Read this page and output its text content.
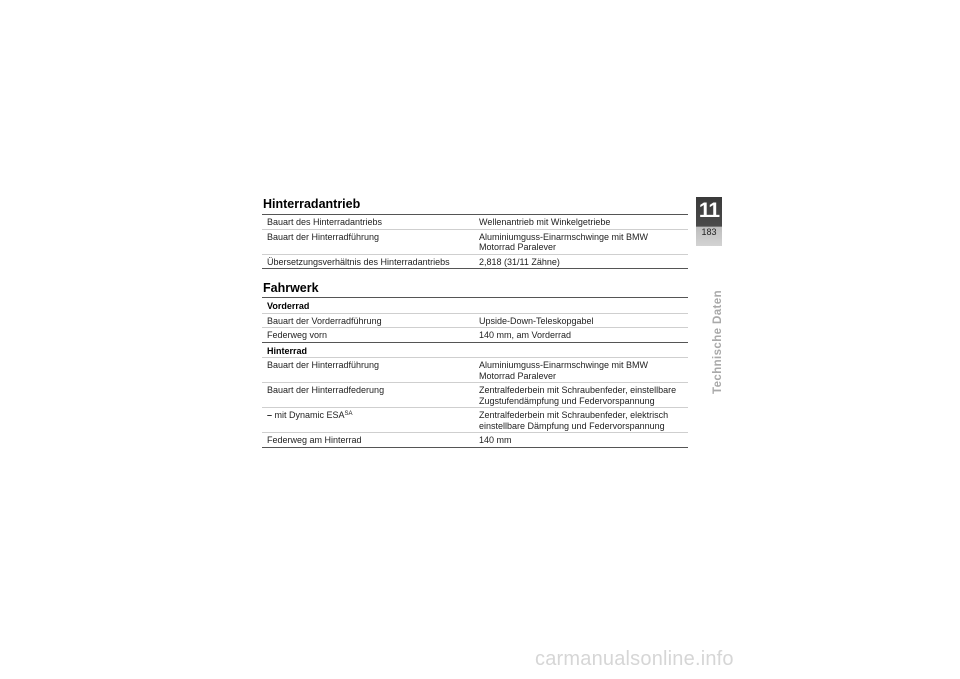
Hinterradantrieb
Bauart des Hinterradantriebs	Wellenantrieb mit Winkelgetriebe
Bauart der Hinterradführung	Aluminiumguss-Einarmschwinge mit BMW
Motorrad Paralever
Übersetzungsverhältnis des Hinterradantriebs	2,818 (31/11 Zähne)
Fahrwerk
Vorderrad	
Bauart der Vorderradführung	Upside-Down-Teleskopgabel
Federweg vorn	140 mm, am Vorderrad
Hinterrad	
Bauart der Hinterradführung	Aluminiumguss-Einarmschwinge mit BMW
Motorrad Paralever
Bauart der Hinterradfederung	Zentralfederbein mit Schraubenfeder, einstellbare
Zugstufendämpfung und Federvorspannung
– mit Dynamic $ESA^{SA}$	Zentralfederbein mit Schraubenfeder, elektrisch
einstellbare Dämpfung und Federvorspannung
Federweg am Hinterrad	140 mm
11
183
Technische Daten
carmanualsonline.info
